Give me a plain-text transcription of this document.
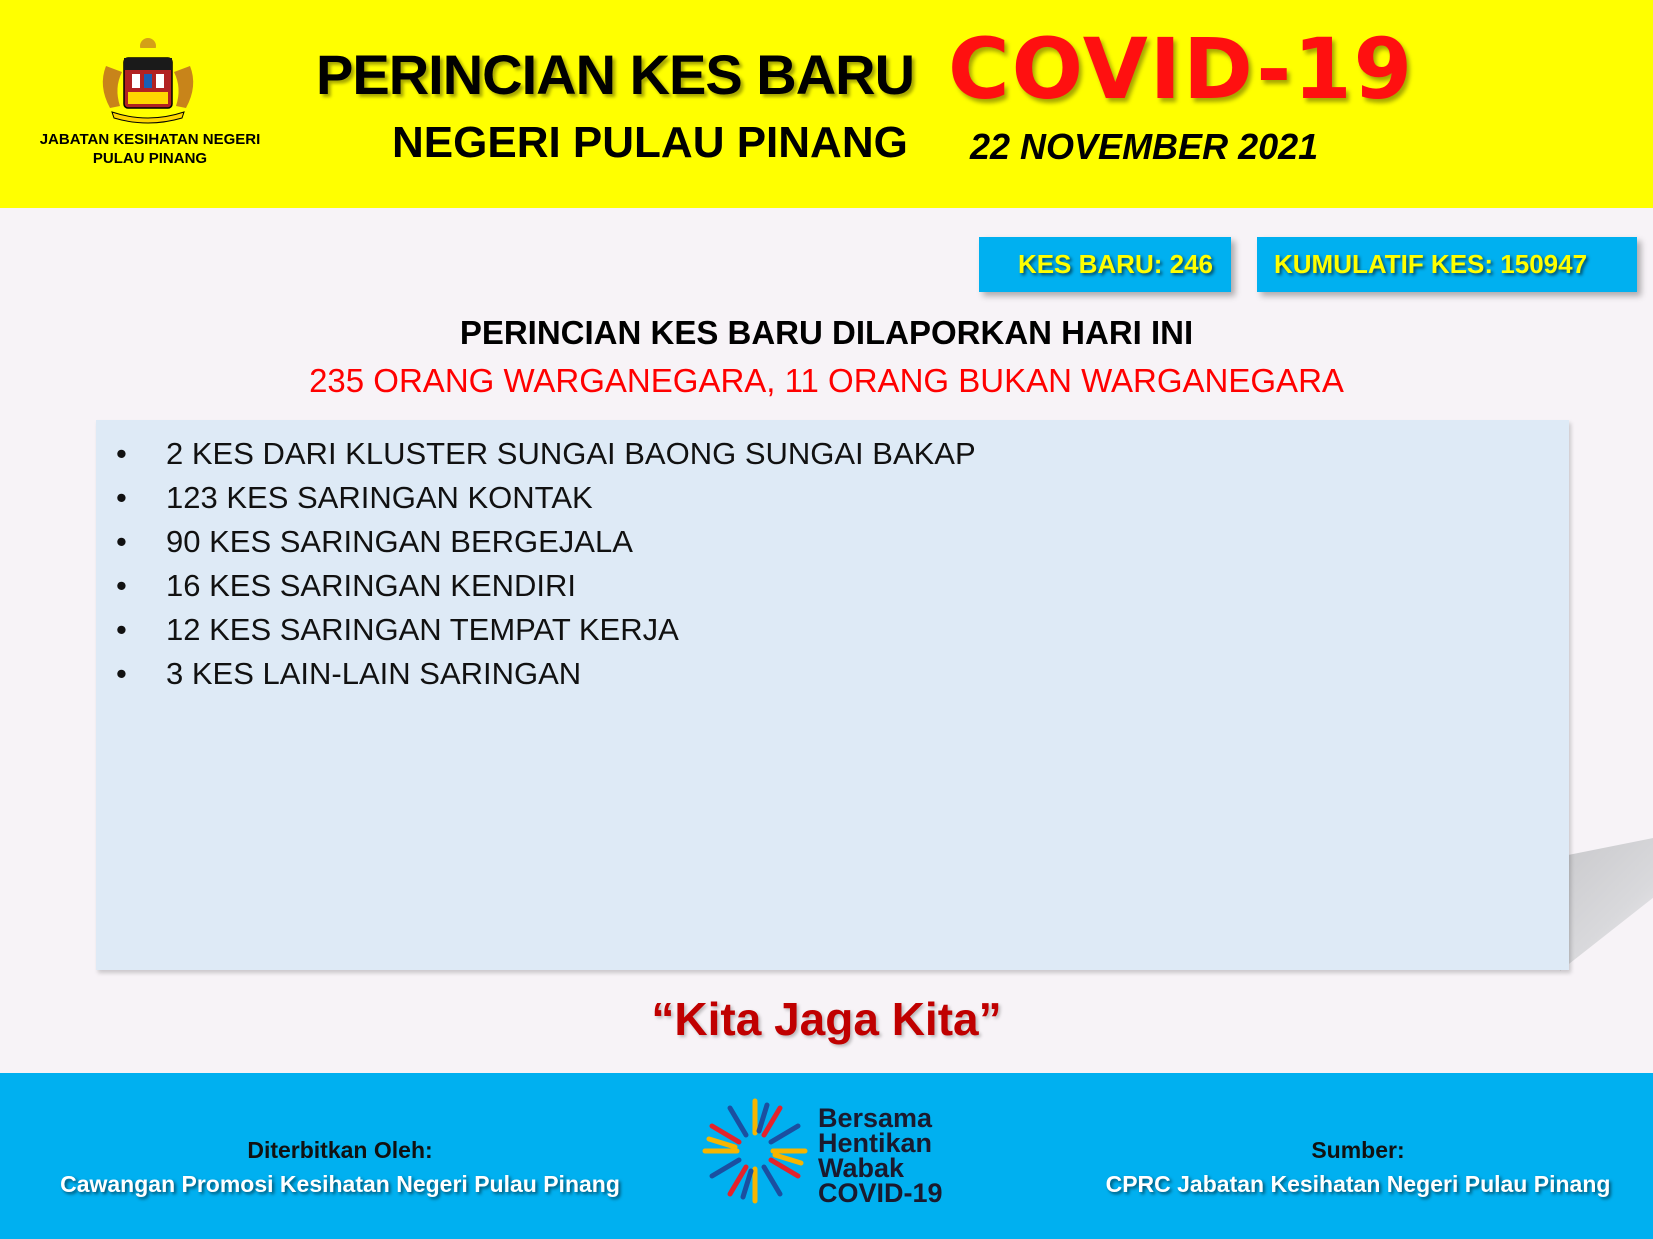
JABATAN KESIHATAN NEGERI PULAU PINANG
PERINCIAN KES BARU COVID-19
NEGERI PULAU PINANG 22 NOVEMBER 2021
KES BARU: 246	KUMULATIF KES: 150947
PERINCIAN KES BARU DILAPORKAN HARI INI
235 ORANG WARGANEGARA, 11 ORANG BUKAN WARGANEGARA
• 2 KES DARI KLUSTER SUNGAI BAONG SUNGAI BAKAP
• 123 KES SARINGAN KONTAK
• 90 KES SARINGAN BERGEJALA
• 16 KES SARINGAN KENDIRI
• 12 KES SARINGAN TEMPAT KERJA
• 3 KES LAIN-LAIN SARINGAN
“Kita Jaga Kita”
Diterbitkan Oleh:
Cawangan Promosi Kesihatan Negeri Pulau Pinang
Sumber:
CPRC Jabatan Kesihatan Negeri Pulau Pinang
Bersama
Hentikan
Wabak
COVID-19
